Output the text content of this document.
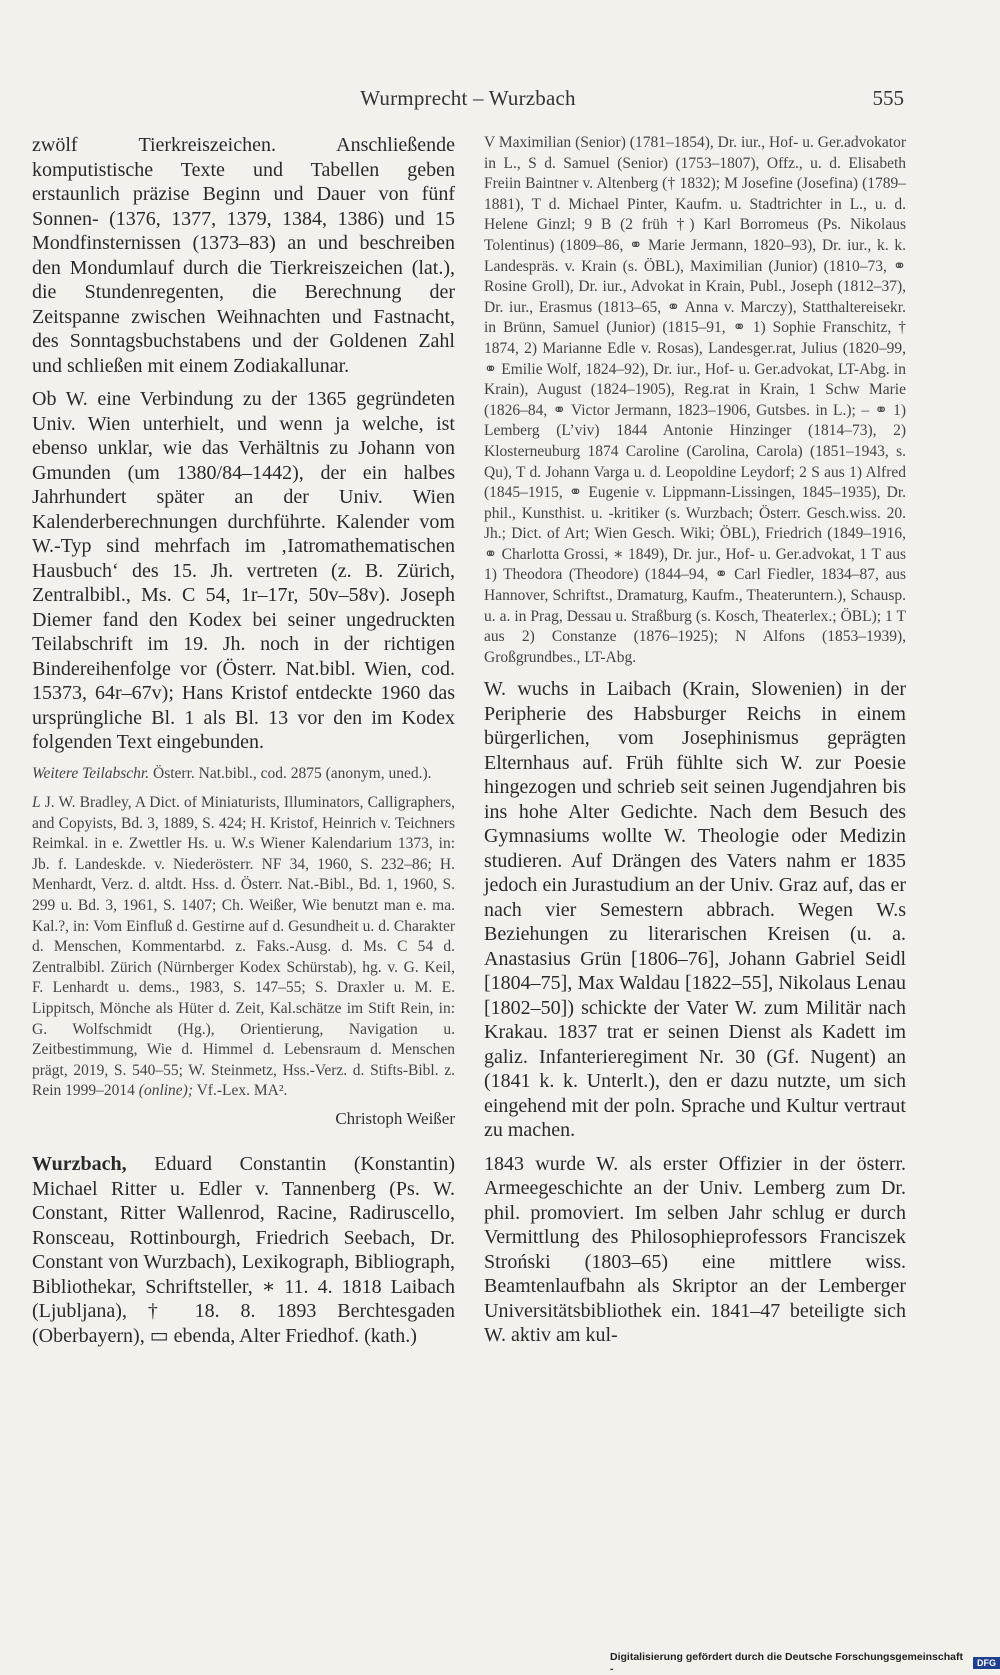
Wurmprecht – Wurzbach	555

zwölf Tierkreiszeichen. Anschließende komputistische Texte und Tabellen geben erstaunlich präzise Beginn und Dauer von fünf Sonnen- (1376, 1377, 1379, 1384, 1386) und 15 Mondfinsternissen (1373–83) an und beschreiben den Mondumlauf durch die Tierkreiszeichen (lat.), die Stundenregenten, die Berechnung der Zeitspanne zwischen Weihnachten und Fastnacht, des Sonntagsbuchstabens und der Goldenen Zahl und schließen mit einem Zodiakallunar.

Ob W. eine Verbindung zu der 1365 gegründeten Univ. Wien unterhielt, und wenn ja welche, ist ebenso unklar, wie das Verhältnis zu Johann von Gmunden (um 1380/84–1442), der ein halbes Jahrhundert später an der Univ. Wien Kalenderberechnungen durchführte. Kalender vom W.-Typ sind mehrfach im ‚Iatromathematischen Hausbuch‘ des 15. Jh. vertreten (z. B. Zürich, Zentralbibl., Ms. C 54, 1r–17r, 50v–58v). Joseph Diemer fand den Kodex bei seiner ungedruckten Teilabschrift im 19. Jh. noch in der richtigen Bindereihenfolge vor (Österr. Nat.bibl. Wien, cod. 15373, 64r–67v); Hans Kristof entdeckte 1960 das ursprüngliche Bl. 1 als Bl. 13 vor den im Kodex folgenden Text eingebunden.

Weitere Teilabschr. Österr. Nat.bibl., cod. 2875 (anonym, uned.).

L J. W. Bradley, A Dict. of Miniaturists, Illuminators, Calligraphers, and Copyists, Bd. 3, 1889, S. 424; H. Kristof, Heinrich v. Teichners Reimkal. in e. Zwettler Hs. u. W.s Wiener Kalendarium 1373, in: Jb. f. Landeskde. v. Niederösterr. NF 34, 1960, S. 232–86; H. Menhardt, Verz. d. altdt. Hss. d. Österr. Nat.-Bibl., Bd. 1, 1960, S. 299 u. Bd. 3, 1961, S. 1407; Ch. Weißer, Wie benutzt man e. ma. Kal.?, in: Vom Einfluß d. Gestirne auf d. Gesundheit u. d. Charakter d. Menschen, Kommentarbd. z. Faks.-Ausg. d. Ms. C 54 d. Zentralbibl. Zürich (Nürnberger Kodex Schürstab), hg. v. G. Keil, F. Lenhardt u. dems., 1983, S. 147–55; S. Draxler u. M. E. Lippitsch, Mönche als Hüter d. Zeit, Kal.schätze im Stift Rein, in: G. Wolfschmidt (Hg.), Orientierung, Navigation u. Zeitbestimmung, Wie d. Himmel d. Lebensraum d. Menschen prägt, 2019, S. 540–55; W. Steinmetz, Hss.-Verz. d. Stifts-Bibl. z. Rein 1999–2014 (online); Vf.-Lex. MA².

Christoph Weißer

Wurzbach, Eduard Constantin (Konstantin) Michael Ritter u. Edler v. Tannenberg (Ps. W. Constant, Ritter Wallenrod, Racine, Radiruscello, Ronsceau, Rottinbourgh, Friedrich Seebach, Dr. Constant von Wurzbach), Lexikograph, Bibliograph, Bibliothekar, Schriftsteller, ∗ 11. 4. 1818 Laibach (Ljubljana), † 18. 8. 1893 Berchtesgaden (Oberbayern), ▭ ebenda, Alter Friedhof. (kath.)

V Maximilian (Senior) (1781–1854), Dr. iur., Hof- u. Ger.advokator in L., S d. Samuel (Senior) (1753–1807), Offz., u. d. Elisabeth Freiin Baintner v. Altenberg († 1832); M Josefine (Josefina) (1789–1881), T d. Michael Pinter, Kaufm. u. Stadtrichter in L., u. d. Helene Ginzl; 9 B (2 früh †) Karl Borromeus (Ps. Nikolaus Tolentinus) (1809–86, ⚭ Marie Jermann, 1820–93), Dr. iur., k. k. Landespräs. v. Krain (s. ÖBL), Maximilian (Junior) (1810–73, ⚭ Rosine Groll), Dr. iur., Advokat in Krain, Publ., Joseph (1812–37), Dr. iur., Erasmus (1813–65, ⚭ Anna v. Marczy), Statthaltereisekr. in Brünn, Samuel (Junior) (1815–91, ⚭ 1) Sophie Franschitz, † 1874, 2) Marianne Edle v. Rosas), Landesger.rat, Julius (1820–99, ⚭ Emilie Wolf, 1824–92), Dr. iur., Hof- u. Ger.advokat, LT-Abg. in Krain), August (1824–1905), Reg.rat in Krain, 1 Schw Marie (1826–84, ⚭ Victor Jermann, 1823–1906, Gutsbes. in L.); – ⚭ 1) Lemberg (L’viv) 1844 Antonie Hinzinger (1814–73), 2) Klosterneuburg 1874 Caroline (Carolina, Carola) (1851–1943, s. Qu), T d. Johann Varga u. d. Leopoldine Leydorf; 2 S aus 1) Alfred (1845–1915, ⚭ Eugenie v. Lippmann-Lissingen, 1845–1935), Dr. phil., Kunsthist. u. -kritiker (s. Wurzbach; Österr. Gesch.wiss. 20. Jh.; Dict. of Art; Wien Gesch. Wiki; ÖBL), Friedrich (1849–1916, ⚭ Charlotta Grossi, ∗ 1849), Dr. jur., Hof- u. Ger.advokat, 1 T aus 1) Theodora (Theodore) (1844–94, ⚭ Carl Fiedler, 1834–87, aus Hannover, Schriftst., Dramaturg, Kaufm., Theateruntern.), Schausp. u. a. in Prag, Dessau u. Straßburg (s. Kosch, Theaterlex.; ÖBL); 1 T aus 2) Constanze (1876–1925); N Alfons (1853–1939), Großgrundbes., LT-Abg.

W. wuchs in Laibach (Krain, Slowenien) in der Peripherie des Habsburger Reichs in einem bürgerlichen, vom Josephinismus geprägten Elternhaus auf. Früh fühlte sich W. zur Poesie hingezogen und schrieb seit seinen Jugendjahren bis ins hohe Alter Gedichte. Nach dem Besuch des Gymnasiums wollte W. Theologie oder Medizin studieren. Auf Drängen des Vaters nahm er 1835 jedoch ein Jurastudium an der Univ. Graz auf, das er nach vier Semestern abbrach. Wegen W.s Beziehungen zu literarischen Kreisen (u. a. Anastasius Grün [1806–76], Johann Gabriel Seidl [1804–75], Max Waldau [1822–55], Nikolaus Lenau [1802–50]) schickte der Vater W. zum Militär nach Krakau. 1837 trat er seinen Dienst als Kadett im galiz. Infanterieregiment Nr. 30 (Gf. Nugent) an (1841 k. k. Unterlt.), den er dazu nutzte, um sich eingehend mit der poln. Sprache und Kultur vertraut zu machen.

1843 wurde W. als erster Offizier in der österr. Armeegeschichte an der Univ. Lemberg zum Dr. phil. promoviert. Im selben Jahr schlug er durch Vermittlung des Philosophieprofessors Franciszek Stroński (1803–65) eine mittlere wiss. Beamtenlaufbahn als Skriptor an der Lemberger Universitätsbibliothek ein. 1841–47 beteiligte sich W. aktiv am kul-

Digitalisierung gefördert durch die Deutsche Forschungsgemeinschaft -	DFG
